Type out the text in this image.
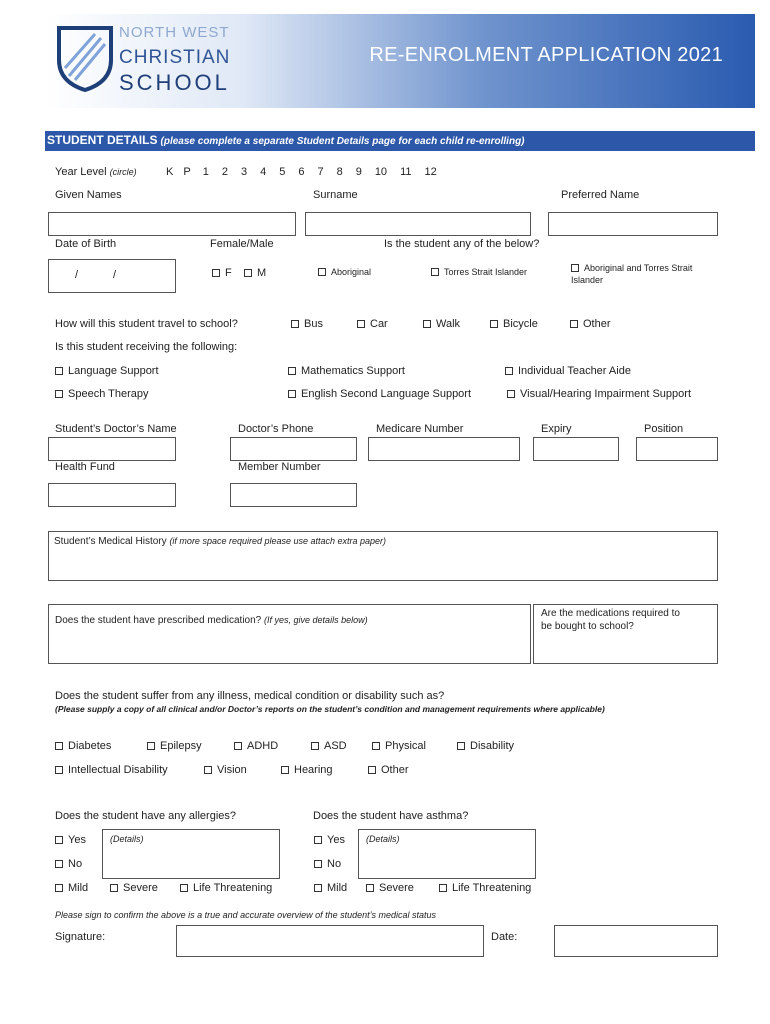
NORTH WEST
CHRISTIAN
SCHOOL
RE-ENROLMENT APPLICATION 2021
STUDENT DETAILS (please complete a separate Student Details page for each child re-enrolling)
Year Level (circle)	K P 1 2 3 4 5 6 7 8 9 10 11 12
Given Names	Surname	Preferred Name
Date of Birth	Female/Male	Is the student any of the below?
/	/	F	M	Aboriginal	Torres Strait Islander	Aboriginal and Torres Strait
Islander
How will this student travel to school?	Bus	Car	Walk	Bicycle	Other
Is this student receiving the following:
Language Support	Mathematics Support	Individual Teacher Aide
Speech Therapy	English Second Language Support	Visual/Hearing Impairment Support
Student’s Doctor’s Name	Doctor’s Phone	Medicare Number	Expiry	Position
Health Fund	Member Number
Student’s Medical History (if more space required please use attach extra paper)
Does the student have prescribed medication? (If yes, give details below)
Are the medications required to
be bought to school?
Does the student suffer from any illness, medical condition or disability such as?
(Please supply a copy of all clinical and/or Doctor’s reports on the student’s condition and management requirements where applicable)
Diabetes	Epilepsy	ADHD	ASD	Physical	Disability
Intellectual Disability	Vision	Hearing	Other
Does the student have any allergies?
Yes	(Details)
No
Mild	Severe	Life Threatening
Does the student have asthma?
Yes (Details)
No
Mild	Severe	Life Threatening
Please sign to confirm the above is a true and accurate overview of the student’s medical status
Signature:	Date:
